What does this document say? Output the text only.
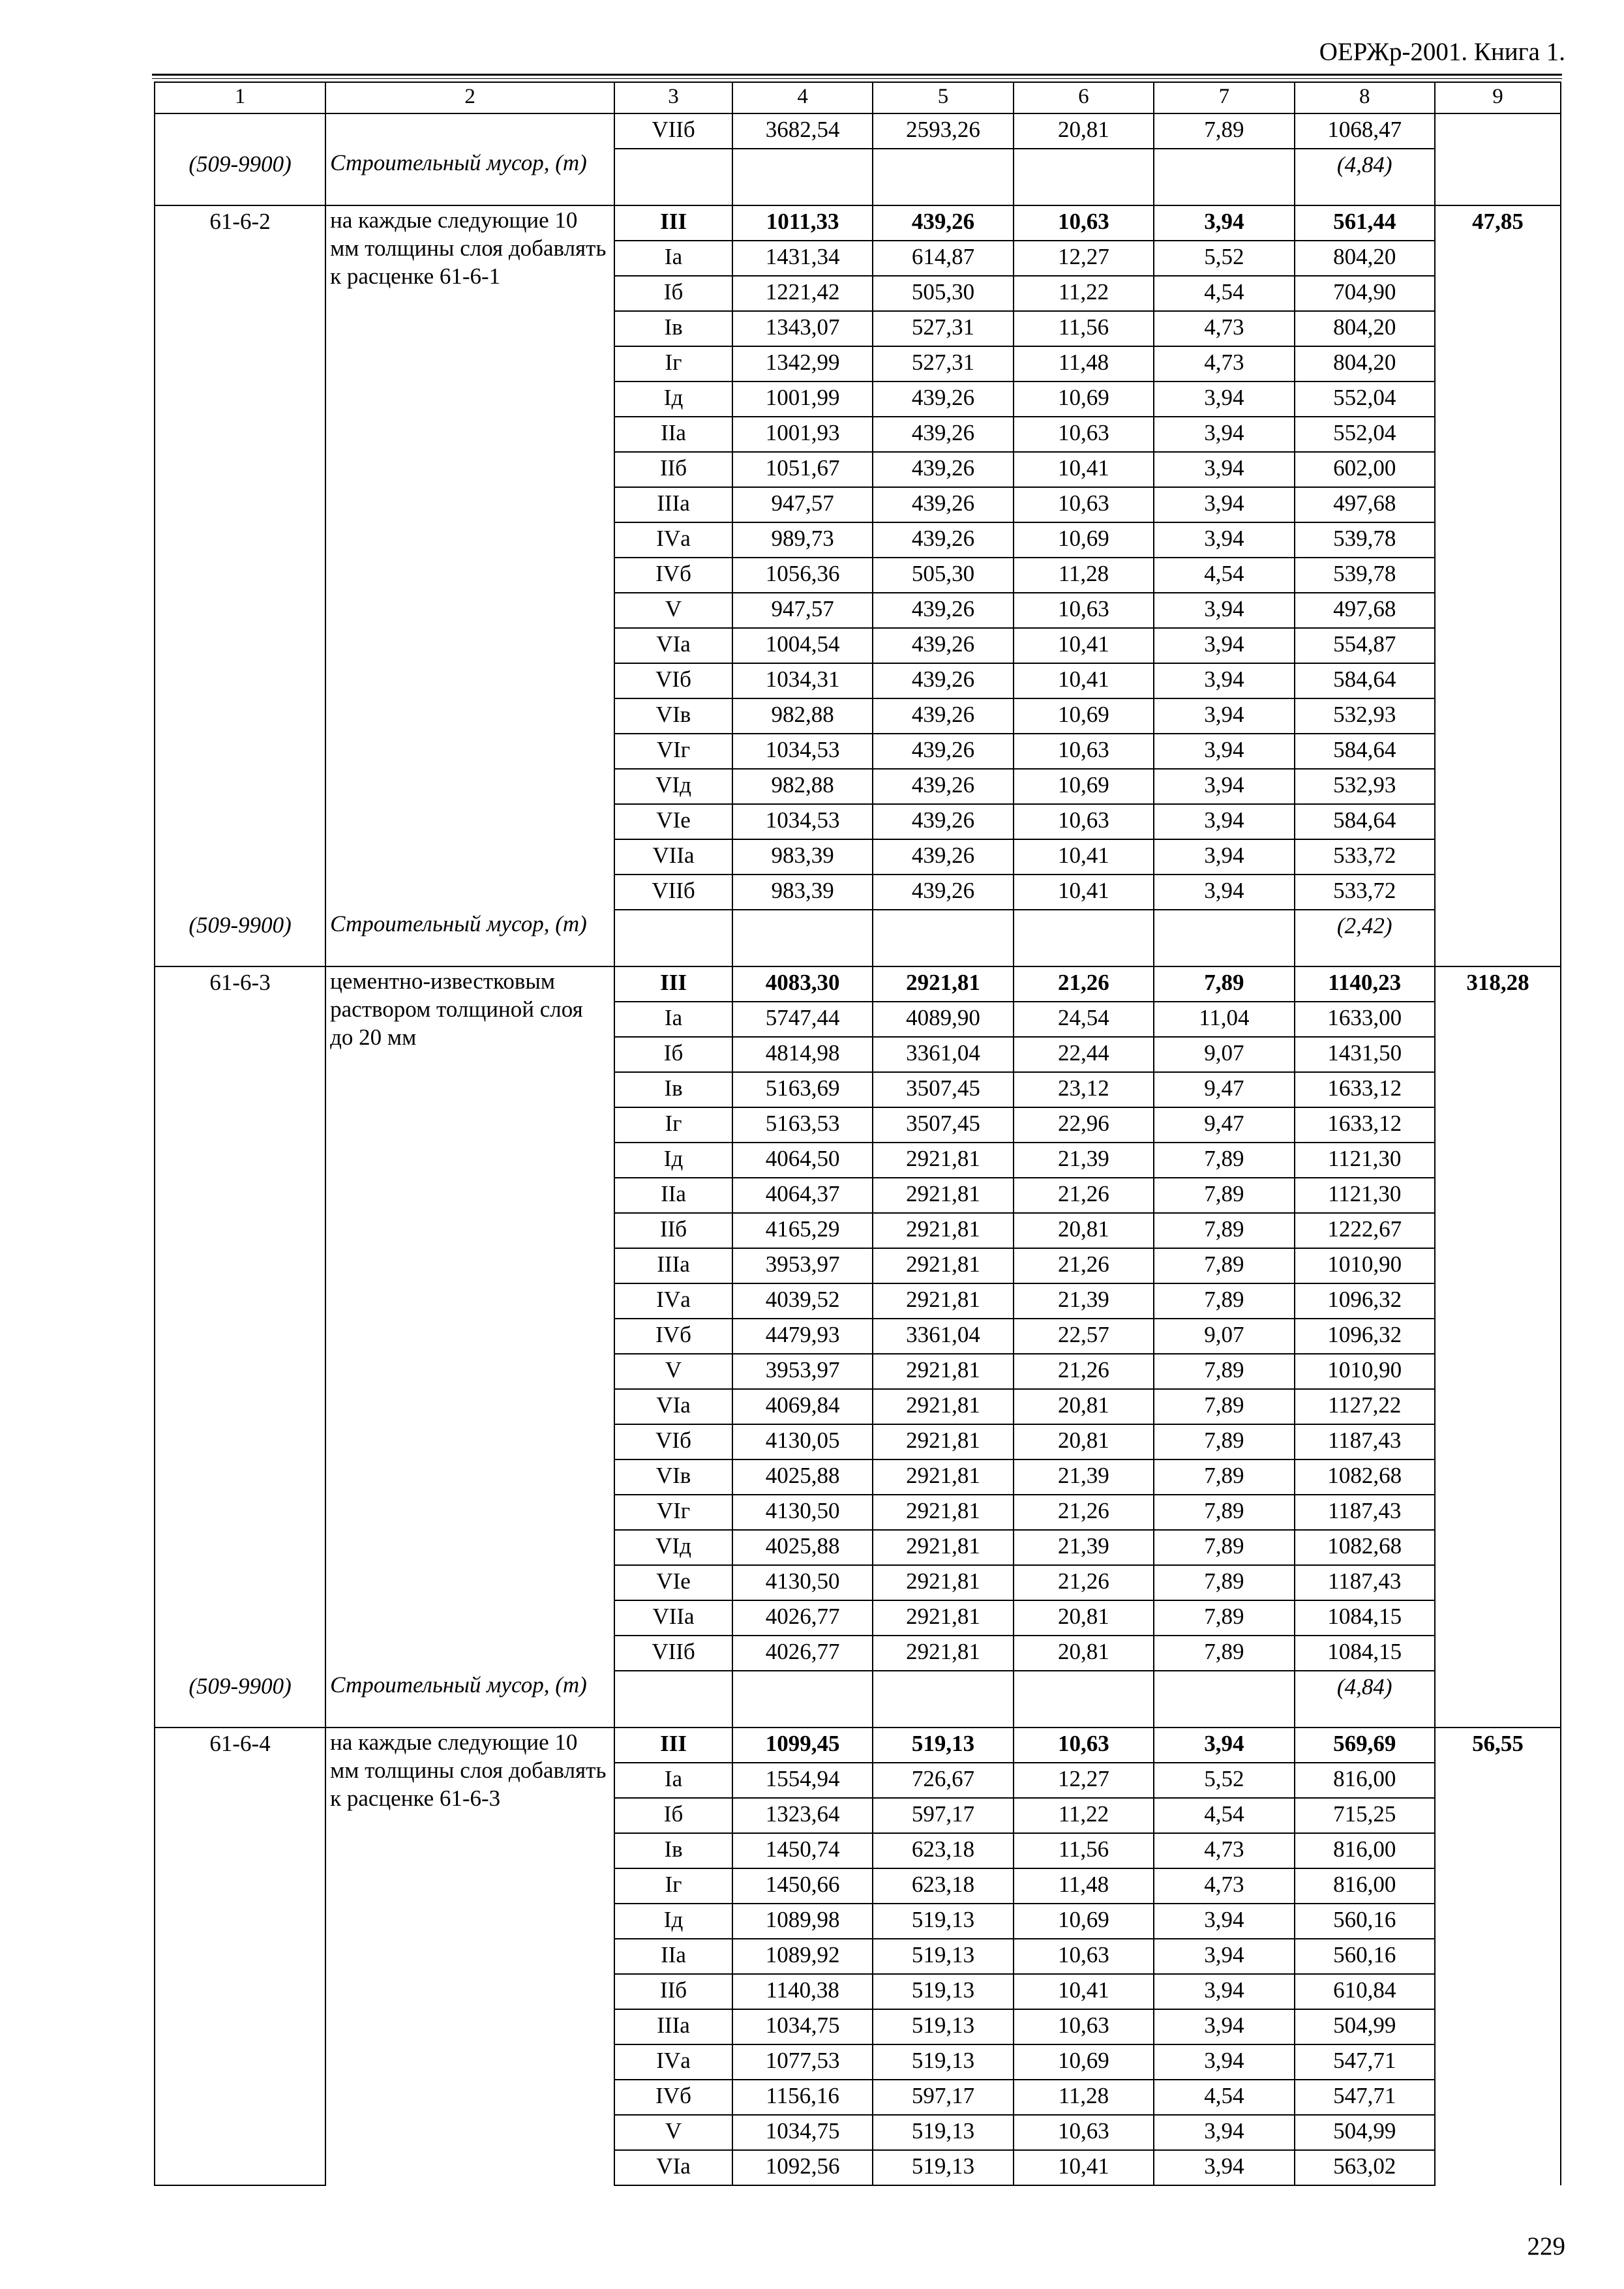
ОЕРЖр-2001. Книга 1.
1	2	3	4	5	6	7	8	9
		VIIб	3682,54	2593,26	20,81	7,89	1068,47	
(509-9900)	Строительный мусор, (т)						(4,84)	
61-6-2	на каждые следующие 10 мм толщины слоя добавлять к расценке 61-6-1	III	1011,33	439,26	10,63	3,94	561,44	47,85
		Iа	1431,34	614,87	12,27	5,52	804,20	
		Iб	1221,42	505,30	11,22	4,54	704,90	
		Iв	1343,07	527,31	11,56	4,73	804,20	
		Iг	1342,99	527,31	11,48	4,73	804,20	
		Iд	1001,99	439,26	10,69	3,94	552,04	
		IIа	1001,93	439,26	10,63	3,94	552,04	
		IIб	1051,67	439,26	10,41	3,94	602,00	
		IIIа	947,57	439,26	10,63	3,94	497,68	
		IVа	989,73	439,26	10,69	3,94	539,78	
		IVб	1056,36	505,30	11,28	4,54	539,78	
		V	947,57	439,26	10,63	3,94	497,68	
		VIа	1004,54	439,26	10,41	3,94	554,87	
		VIб	1034,31	439,26	10,41	3,94	584,64	
		VIв	982,88	439,26	10,69	3,94	532,93	
		VIг	1034,53	439,26	10,63	3,94	584,64	
		VIд	982,88	439,26	10,69	3,94	532,93	
		VIе	1034,53	439,26	10,63	3,94	584,64	
		VIIа	983,39	439,26	10,41	3,94	533,72	
		VIIб	983,39	439,26	10,41	3,94	533,72	
(509-9900)	Строительный мусор, (т)						(2,42)	
61-6-3	цементно-известковым раствором толщиной слоя до 20 мм	III	4083,30	2921,81	21,26	7,89	1140,23	318,28
		Iа	5747,44	4089,90	24,54	11,04	1633,00	
		Iб	4814,98	3361,04	22,44	9,07	1431,50	
		Iв	5163,69	3507,45	23,12	9,47	1633,12	
		Iг	5163,53	3507,45	22,96	9,47	1633,12	
		Iд	4064,50	2921,81	21,39	7,89	1121,30	
		IIа	4064,37	2921,81	21,26	7,89	1121,30	
		IIб	4165,29	2921,81	20,81	7,89	1222,67	
		IIIа	3953,97	2921,81	21,26	7,89	1010,90	
		IVа	4039,52	2921,81	21,39	7,89	1096,32	
		IVб	4479,93	3361,04	22,57	9,07	1096,32	
		V	3953,97	2921,81	21,26	7,89	1010,90	
		VIа	4069,84	2921,81	20,81	7,89	1127,22	
		VIб	4130,05	2921,81	20,81	7,89	1187,43	
		VIв	4025,88	2921,81	21,39	7,89	1082,68	
		VIг	4130,50	2921,81	21,26	7,89	1187,43	
		VIд	4025,88	2921,81	21,39	7,89	1082,68	
		VIе	4130,50	2921,81	21,26	7,89	1187,43	
		VIIа	4026,77	2921,81	20,81	7,89	1084,15	
		VIIб	4026,77	2921,81	20,81	7,89	1084,15	
(509-9900)	Строительный мусор, (т)						(4,84)	
61-6-4	на каждые следующие 10 мм толщины слоя добавлять к расценке 61-6-3	III	1099,45	519,13	10,63	3,94	569,69	56,55
		Iа	1554,94	726,67	12,27	5,52	816,00	
		Iб	1323,64	597,17	11,22	4,54	715,25	
		Iв	1450,74	623,18	11,56	4,73	816,00	
		Iг	1450,66	623,18	11,48	4,73	816,00	
		Iд	1089,98	519,13	10,69	3,94	560,16	
		IIа	1089,92	519,13	10,63	3,94	560,16	
		IIб	1140,38	519,13	10,41	3,94	610,84	
		IIIа	1034,75	519,13	10,63	3,94	504,99	
		IVа	1077,53	519,13	10,69	3,94	547,71	
		IVб	1156,16	597,17	11,28	4,54	547,71	
		V	1034,75	519,13	10,63	3,94	504,99	
		VIа	1092,56	519,13	10,41	3,94	563,02	
229
